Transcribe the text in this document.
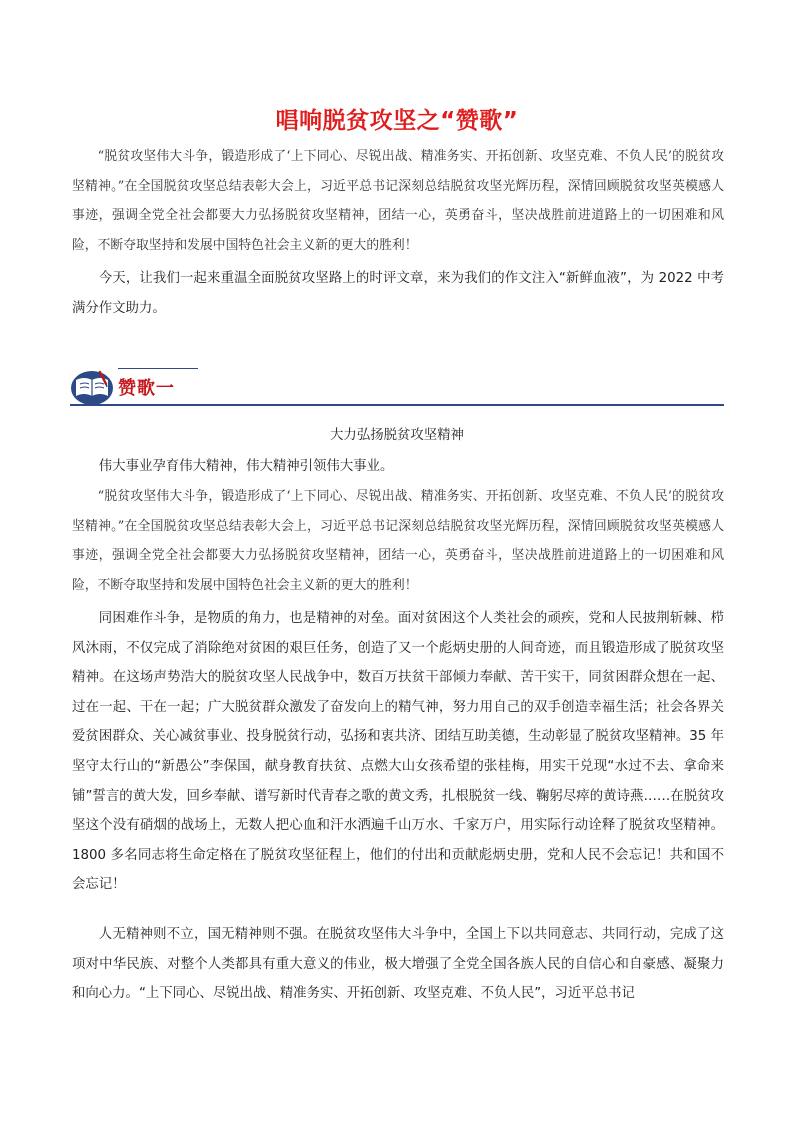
唱响脱贫攻坚之“赞歌”

“脱贫攻坚伟大斗争，锻造形成了‘上下同心、尽锐出战、精准务实、开拓创新、攻坚克难、不负人民’的脱贫攻坚精神。”在全国脱贫攻坚总结表彰大会上，习近平总书记深刻总结脱贫攻坚光辉历程，深情回顾脱贫攻坚英模感人事迹，强调全党全社会都要大力弘扬脱贫攻坚精神，团结一心，英勇奋斗，坚决战胜前进道路上的一切困难和风险，不断夺取坚持和发展中国特色社会主义新的更大的胜利！

今天，让我们一起来重温全面脱贫攻坚路上的时评文章，来为我们的作文注入“新鲜血液”，为 2022 中考满分作文助力。

赞歌一

大力弘扬脱贫攻坚精神

伟大事业孕育伟大精神，伟大精神引领伟大事业。

“脱贫攻坚伟大斗争，锻造形成了‘上下同心、尽锐出战、精准务实、开拓创新、攻坚克难、不负人民’的脱贫攻坚精神。”在全国脱贫攻坚总结表彰大会上，习近平总书记深刻总结脱贫攻坚光辉历程，深情回顾脱贫攻坚英模感人事迹，强调全党全社会都要大力弘扬脱贫攻坚精神，团结一心，英勇奋斗，坚决战胜前进道路上的一切困难和风险，不断夺取坚持和发展中国特色社会主义新的更大的胜利！

同困难作斗争，是物质的角力，也是精神的对垒。面对贫困这个人类社会的顽疾，党和人民披荆斩棘、栉风沐雨，不仅完成了消除绝对贫困的艰巨任务，创造了又一个彪炳史册的人间奇迹，而且锻造形成了脱贫攻坚精神。在这场声势浩大的脱贫攻坚人民战争中，数百万扶贫干部倾力奉献、苦干实干，同贫困群众想在一起、过在一起、干在一起；广大脱贫群众激发了奋发向上的精气神，努力用自己的双手创造幸福生活；社会各界关爱贫困群众、关心减贫事业、投身脱贫行动，弘扬和衷共济、团结互助美德，生动彰显了脱贫攻坚精神。35 年坚守太行山的“新愚公”李保国，献身教育扶贫、点燃大山女孩希望的张桂梅，用实干兑现“水过不去、拿命来铺”誓言的黄大发，回乡奉献、谱写新时代青春之歌的黄文秀，扎根脱贫一线、鞠躬尽瘁的黄诗燕……在脱贫攻坚这个没有硝烟的战场上，无数人把心血和汗水洒遍千山万水、千家万户，用实际行动诠释了脱贫攻坚精神。1800 多名同志将生命定格在了脱贫攻坚征程上，他们的付出和贡献彪炳史册，党和人民不会忘记！共和国不会忘记！

人无精神则不立，国无精神则不强。在脱贫攻坚伟大斗争中，全国上下以共同意志、共同行动，完成了这项对中华民族、对整个人类都具有重大意义的伟业，极大增强了全党全国各族人民的自信心和自豪感、凝聚力和向心力。“上下同心、尽锐出战、精准务实、开拓创新、攻坚克难、不负人民”，习近平总书记
